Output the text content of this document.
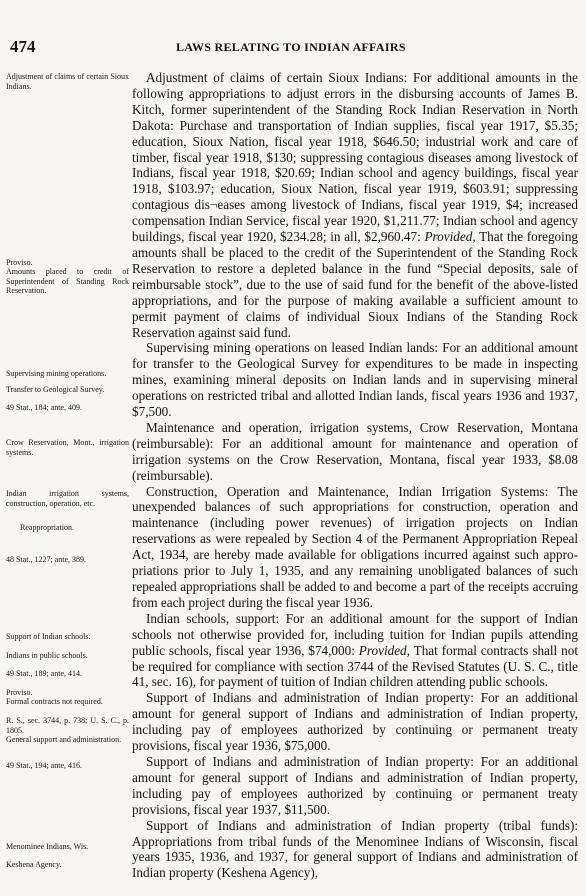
474	LAWS RELATING TO INDIAN AFFAIRS
Adjustment of claims of certain Sioux Indians.
Proviso.
Amounts placed to credit of Superintendent of Standing Rock Reservation.
Supervising mining operations.
Transfer to Geological Survey.
49 Stat., 184; ante, 409.
Crow Reservation, Mont., irrigation systems.
Indian irrigation systems, construction, operation, etc.
Reappropriation.
48 Stat., 1227; ante, 389.
Support of Indian schools.
Indians in public schools.
49 Stat., 189; ante, 414.
Proviso.
Formal contracts not required.
R. S., sec. 3744, p. 738; U. S. C., p. 1805.
General support and administration.
49 Stat., 194; ante, 416.
Menominee Indians, Wis.
Keshena Agency.

Adjustment of claims of certain Sioux Indians: For additional amounts in the following appropriations to adjust errors in the disbursing accounts of James B. Kitch, former superintendent of the Standing Rock Indian Reservation in North Dakota: Purchase and transportation of Indian supplies, fiscal year 1917, $5.35; education, Sioux Nation, fiscal year 1918, $646.50; industrial work and care of timber, fiscal year 1918, $130; suppressing contagious diseases among livestock of Indians, fiscal year 1918, $20.69; Indian school and agency buildings, fiscal year 1918, $103.97; education, Sioux Nation, fiscal year 1919, $603.91; suppressing contagious dis¬eases among livestock of Indians, fiscal year 1919, $4; increased compensation Indian Service, fiscal year 1920, $1,211.77; Indian school and agency buildings, fiscal year 1920, $234.28; in all, $2,960.47: Provided, That the foregoing amounts shall be placed to the credit of the Superintendent of the Standing Rock Reservation to restore a depleted balance in the fund “Special deposits, sale of reimbursable stock”, due to the use of said fund for the benefit of the above-listed appropriations, and for the purpose of making available a sufficient amount to permit payment of claims of individual Sioux Indians of the Standing Rock Reservation against said fund.

Supervising mining operations on leased Indian lands: For an additional amount for transfer to the Geological Survey for expenditures to be made in inspecting mines, examining mineral deposits on Indian lands and in supervising mineral operations on restricted tribal and allotted Indian lands, fiscal years 1936 and 1937, $7,500.

Maintenance and operation, irrigation systems, Crow Reservation, Montana (reimbursable): For an additional amount for maintenance and operation of irrigation systems on the Crow Reservation, Montana, fiscal year 1933, $8.08 (reimbursable).

Construction, Operation and Maintenance, Indian Irrigation Systems: The unexpended balances of such appropriations for construction, operation and maintenance (including power revenues) of irrigation projects on Indian reservations as were repealed by Section 4 of the Permanent Appropriation Repeal Act, 1934, are hereby made available for obligations incurred against such appropriations prior to July 1, 1935, and any remaining unobligated balances of such repealed appropriations shall be added to and become a part of the receipts accruing from each project during the fiscal year 1936.

Indian schools, support: For an additional amount for the support of Indian schools not otherwise provided for, including tuition for Indian pupils attending public schools, fiscal year 1936, $74,000: Provided, That formal contracts shall not be required for compliance with section 3744 of the Revised Statutes (U. S. C., title 41, sec. 16), for payment of tuition of Indian children attending public schools.

Support of Indians and administration of Indian property: For an additional amount for general support of Indians and administration of Indian property, including pay of employees authorized by continuing or permanent treaty provisions, fiscal year 1936, $75,000.

Support of Indians and administration of Indian property: For an additional amount for general support of Indians and administration of Indian property, including pay of employees authorized by continuing or permanent treaty provisions, fiscal year 1937, $11,500.

Support of Indians and administration of Indian property (tribal funds): Appropriations from tribal funds of the Menominee Indians of Wisconsin, fiscal years 1935, 1936, and 1937, for general support of Indians and administration of Indian property (Keshena Agency),
